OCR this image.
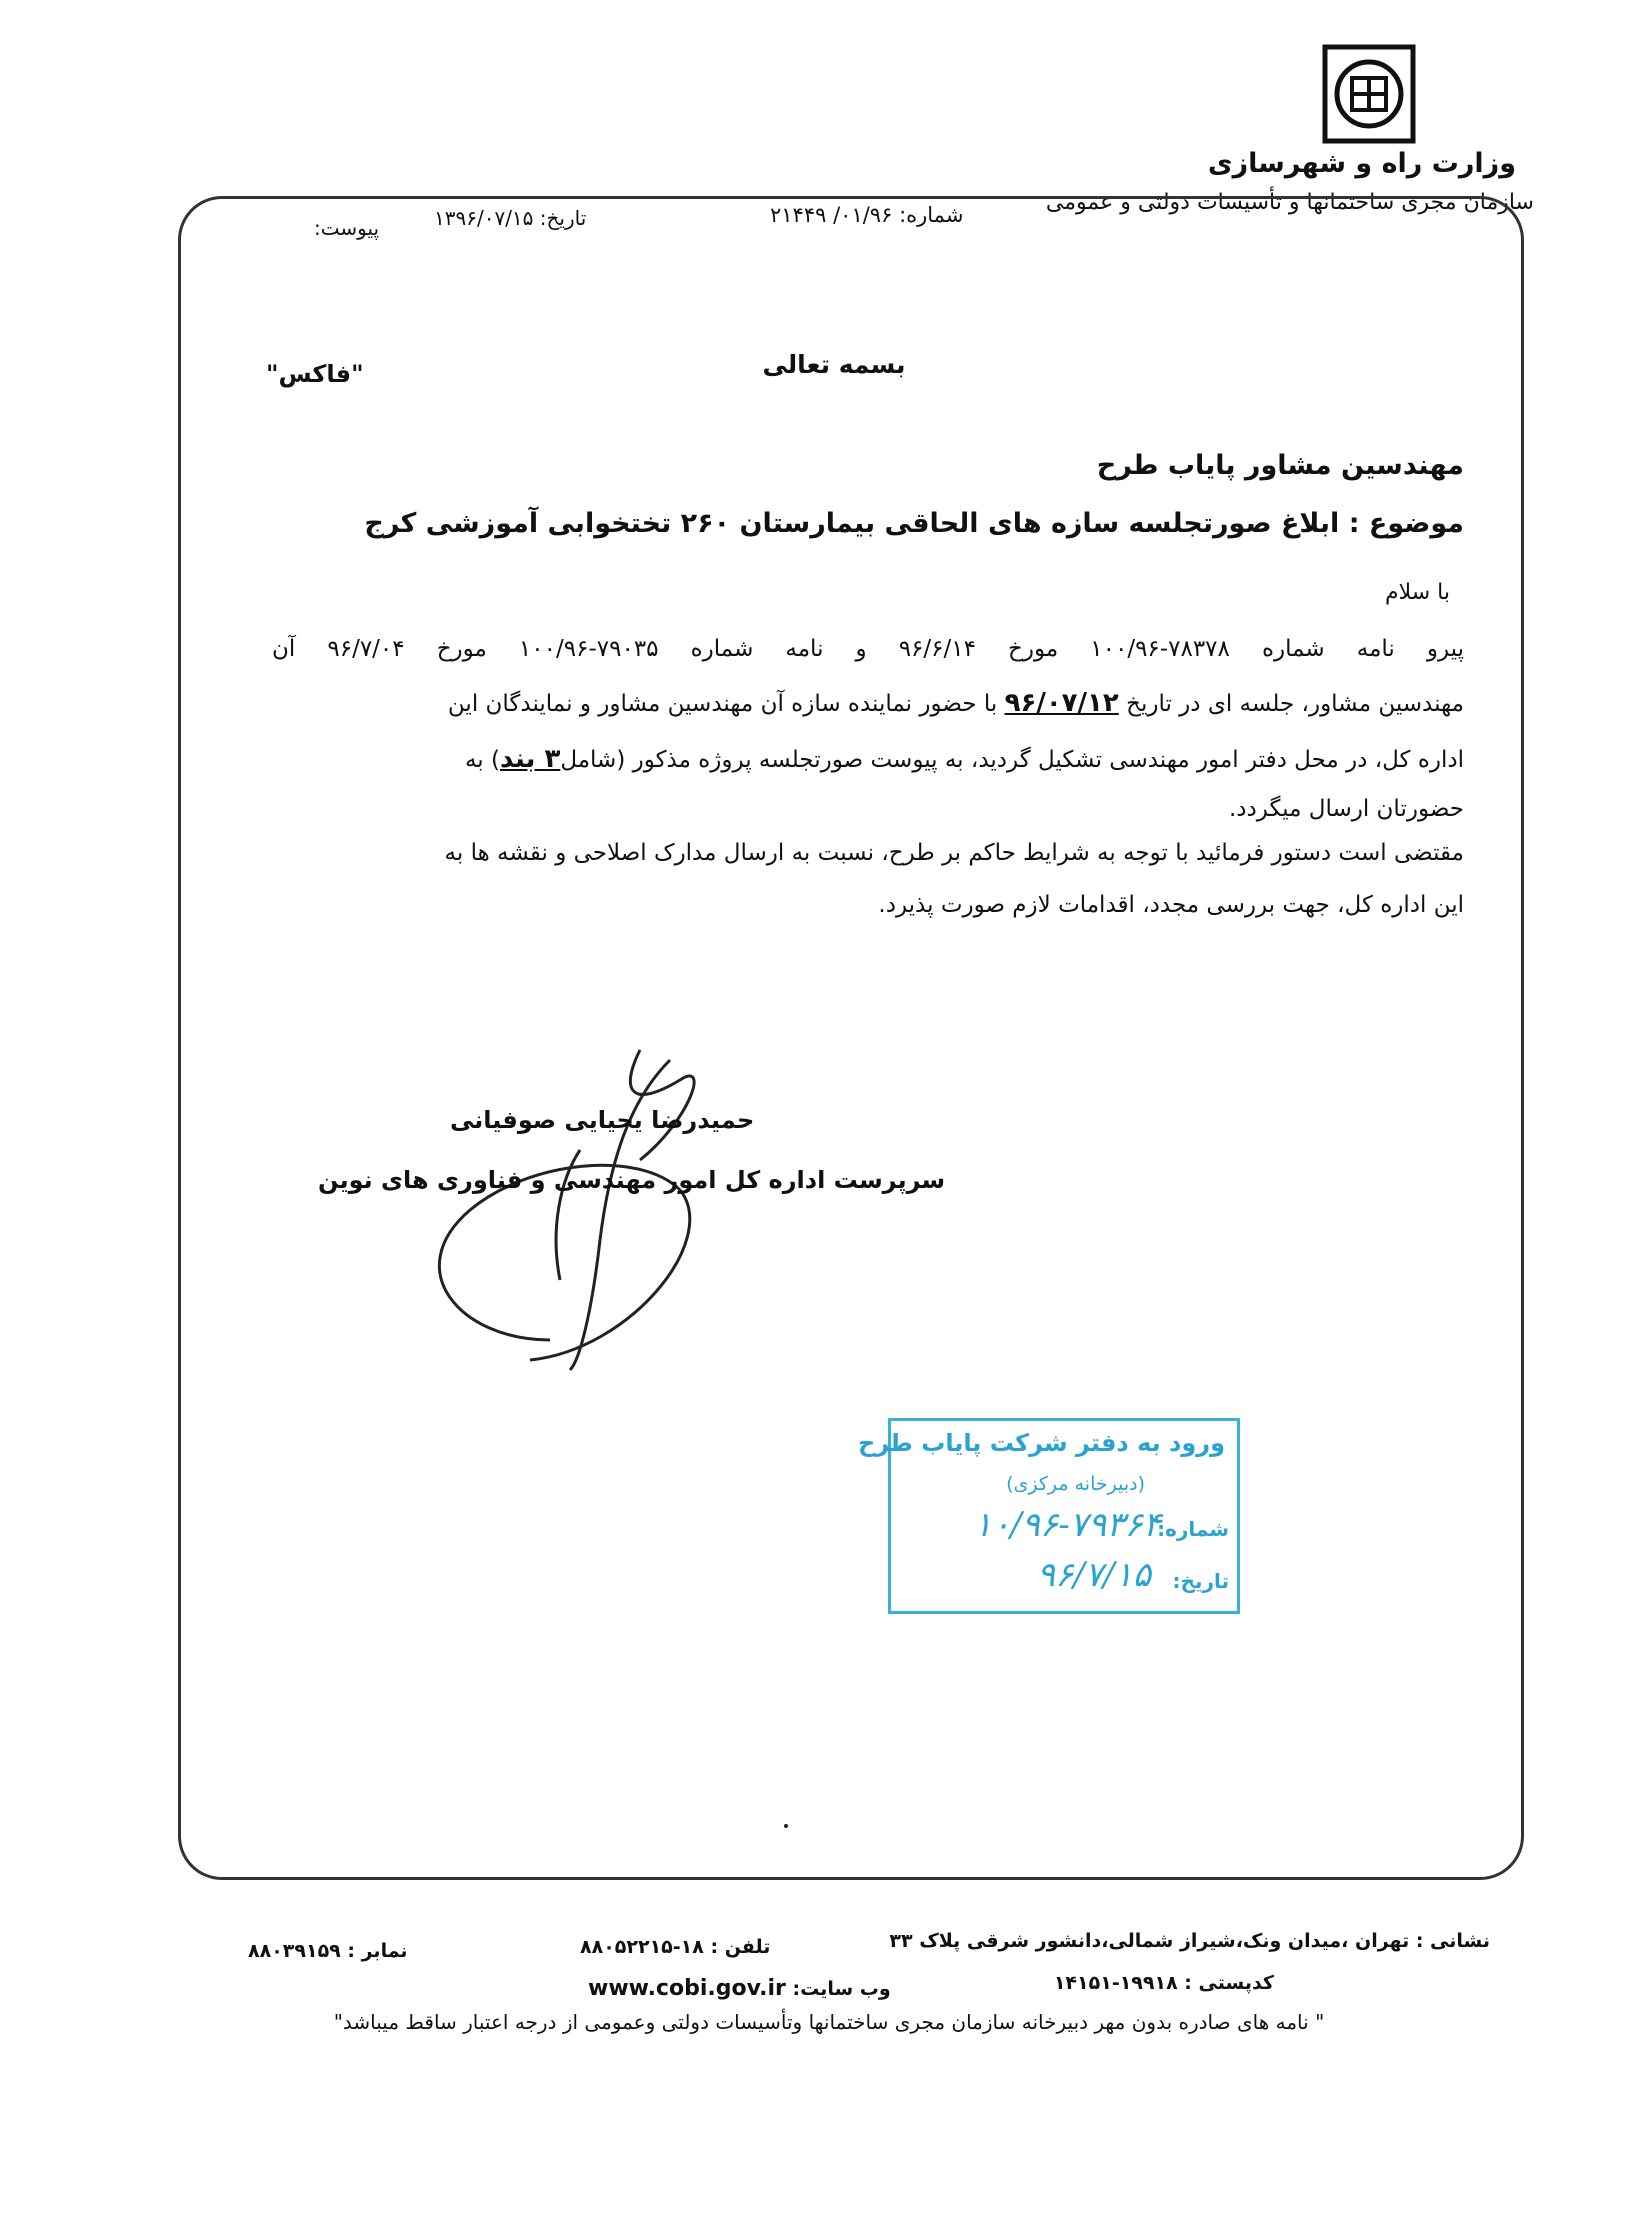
وزارت راه و شهرسازی
سازمان مجری ساختمانها و تأسیسات دولتی و عمومی
شماره: ۰۱/۹۶/ ۲۱۴۴۹
تاریخ: ۱۳۹۶/۰۷/۱۵
پیوست:
بسمه تعالی
"فاکس"
مهندسین مشاور پایاب طرح
موضوع : ابلاغ صورتجلسه سازه های الحاقی بیمارستان ۲۶۰ تختخوابی آموزشی کرج
با سلام
پیرو نامه شماره ۷۸۳۷۸-۱۰۰/۹۶ مورخ ۹۶/۶/۱۴ و نامه شماره ۷۹۰۳۵-۱۰۰/۹۶ مورخ ۹۶/۷/۰۴ آن
مهندسین مشاور، جلسه ای در تاریخ ۹۶/۰۷/۱۲ با حضور نماینده سازه آن مهندسین مشاور و نمایندگان این
اداره کل، در محل دفتر امور مهندسی تشکیل گردید، به پیوست صورتجلسه پروژه مذکور (شامل۳ بند) به
حضورتان ارسال میگردد.
مقتضی است دستور فرمائید با توجه به شرایط حاکم بر طرح، نسبت به ارسال مدارک اصلاحی و نقشه ها به
این اداره کل، جهت بررسی مجدد، اقدامات لازم صورت پذیرد.
حمیدرضا یحیایی صوفیانی
سرپرست اداره کل امور مهندسی و فناوری های نوین
ورود به دفتر شرکت پایاب طرح
(دبیرخانه مرکزی)
شماره:
۱۰/۹۶-۷۹۳۶۴
تاریخ:
۹۶/۷/۱۵
نشانی : تهران ،میدان ونک،شیراز شمالی،دانشور شرقی پلاک ۳۳
تلفن : ۱۸-۸۸۰۵۲۲۱۵
نمابر : ۸۸۰۳۹۱۵۹
کدپستی : ۱۹۹۱۸-۱۴۱۵۱
وب سایت: www.cobi.gov.ir
" نامه های صادره بدون مهر دبیرخانه سازمان مجری ساختمانها وتأسیسات دولتی وعمومی از درجه اعتبار ساقط میباشد"
